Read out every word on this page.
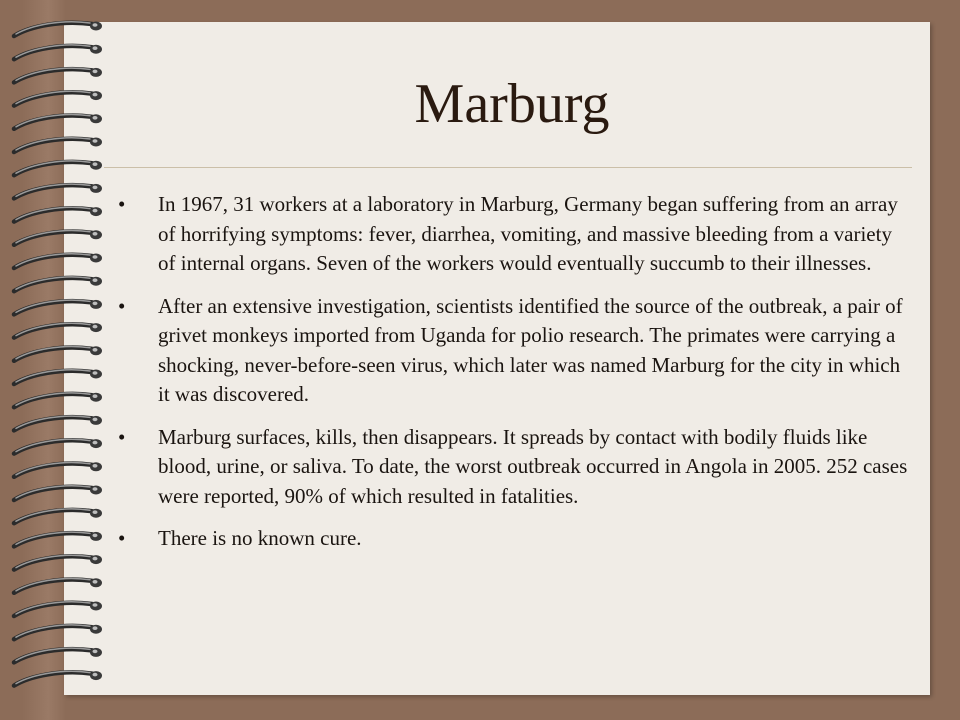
Marburg
• In 1967, 31 workers at a laboratory in Marburg, Germany began suffering from an array of horrifying symptoms: fever, diarrhea, vomiting, and massive bleeding from a variety of internal organs. Seven of the workers would eventually succumb to their illnesses.
• After an extensive investigation, scientists identified the source of the outbreak, a pair of grivet monkeys imported from Uganda for polio research. The primates were carrying a shocking, never-before-seen virus, which later was named Marburg for the city in which it was discovered.
• Marburg surfaces, kills, then disappears. It spreads by contact with bodily fluids like blood, urine, or saliva. To date, the worst outbreak occurred in Angola in 2005. 252 cases were reported, 90% of which resulted in fatalities.
• There is no known cure.
